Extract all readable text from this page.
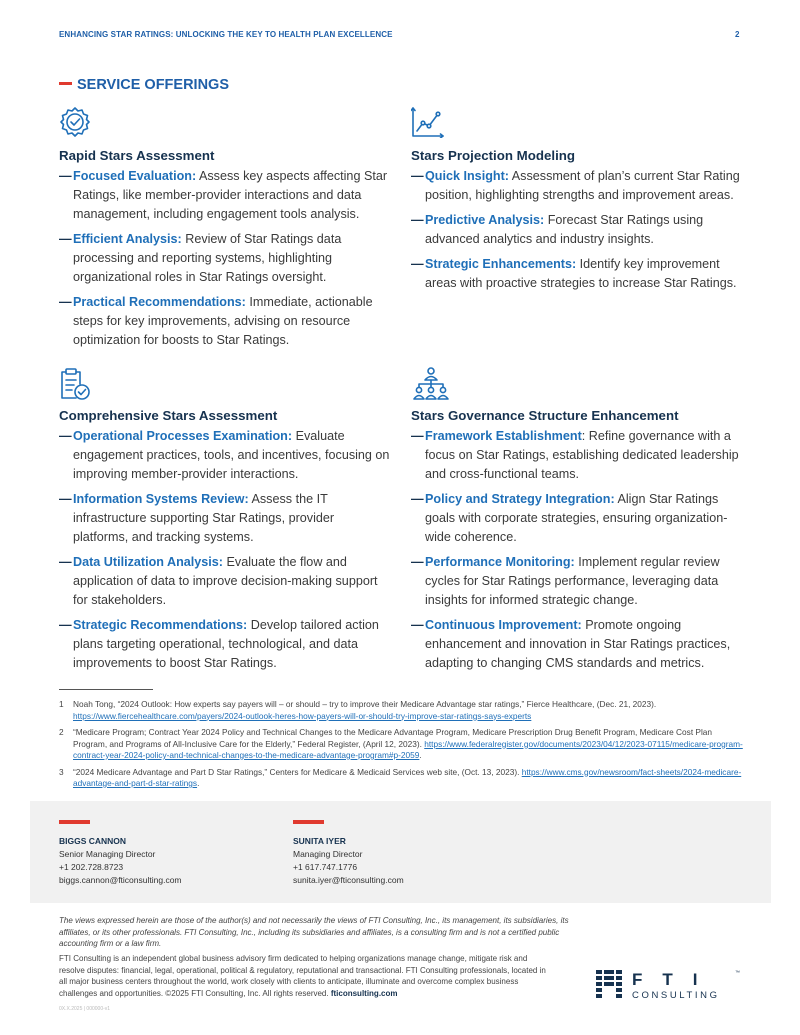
ENHANCING STAR RATINGS: UNLOCKING THE KEY TO HEALTH PLAN EXCELLENCE	2
SERVICE OFFERINGS
Rapid Stars Assessment
— Focused Evaluation: Assess key aspects affecting Star Ratings, like member-provider interactions and data management, including engagement tools analysis.
— Efficient Analysis: Review of Star Ratings data processing and reporting systems, highlighting organizational roles in Star Ratings oversight.
— Practical Recommendations: Immediate, actionable steps for key improvements, advising on resource optimization for boosts to Star Ratings.
Stars Projection Modeling
— Quick Insight: Assessment of plan’s current Star Rating position, highlighting strengths and improvement areas.
— Predictive Analysis: Forecast Star Ratings using advanced analytics and industry insights.
— Strategic Enhancements: Identify key improvement areas with proactive strategies to increase Star Ratings.
Comprehensive Stars Assessment
— Operational Processes Examination: Evaluate engagement practices, tools, and incentives, focusing on improving member-provider interactions.
— Information Systems Review: Assess the IT infrastructure supporting Star Ratings, provider platforms, and tracking systems.
— Data Utilization Analysis: Evaluate the flow and application of data to improve decision-making support for stakeholders.
— Strategic Recommendations: Develop tailored action plans targeting operational, technological, and data improvements to boost Star Ratings.
Stars Governance Structure Enhancement
— Framework Establishment: Refine governance with a focus on Star Ratings, establishing dedicated leadership and cross-functional teams.
— Policy and Strategy Integration: Align Star Ratings goals with corporate strategies, ensuring organization-wide coherence.
— Performance Monitoring: Implement regular review cycles for Star Ratings performance, leveraging data insights for informed strategic change.
— Continuous Improvement: Promote ongoing enhancement and innovation in Star Ratings practices, adapting to changing CMS standards and metrics.
1 Noah Tong, “2024 Outlook: How experts say payers will – or should – try to improve their Medicare Advantage star ratings,” Fierce Healthcare, (Dec. 21, 2023). https://www.fiercehealthcare.com/payers/2024-outlook-heres-how-payers-will-or-should-try-improve-star-ratings-says-experts
2 “Medicare Program; Contract Year 2024 Policy and Technical Changes to the Medicare Advantage Program, Medicare Prescription Drug Benefit Program, Medicare Cost Plan Program, and Programs of All-Inclusive Care for the Elderly,” Federal Register, (April 12, 2023). https://www.federalregister.gov/documents/2023/04/12/2023-07115/medicare-program-contract-year-2024-policy-and-technical-changes-to-the-medicare-advantage-program#p-2059.
3 “2024 Medicare Advantage and Part D Star Ratings,” Centers for Medicare & Medicaid Services web site, (Oct. 13, 2023). https://www.cms.gov/newsroom/fact-sheets/2024-medicare-advantage-and-part-d-star-ratings.
BIGGS CANNON
Senior Managing Director
+1 202.728.8723
biggs.cannon@fticonsulting.com
SUNITA IYER
Managing Director
+1 617.747.1776
sunita.iyer@fticonsulting.com
The views expressed herein are those of the author(s) and not necessarily the views of FTI Consulting, Inc., its management, its subsidiaries, its affiliates, or its other professionals. FTI Consulting, Inc., including its subsidiaries and affiliates, is a consulting firm and is not a certified public accounting firm or a law firm.
FTI Consulting is an independent global business advisory firm dedicated to helping organizations manage change, mitigate risk and resolve disputes: financial, legal, operational, political & regulatory, reputational and transactional. FTI Consulting professionals, located in all major business centers throughout the world, work closely with clients to anticipate, illuminate and overcome complex business challenges and opportunities. ©2025 FTI Consulting, Inc. All rights reserved. fticonsulting.com
0X.X.2025 | 000000-v1
FTI	™
CONSULTING
